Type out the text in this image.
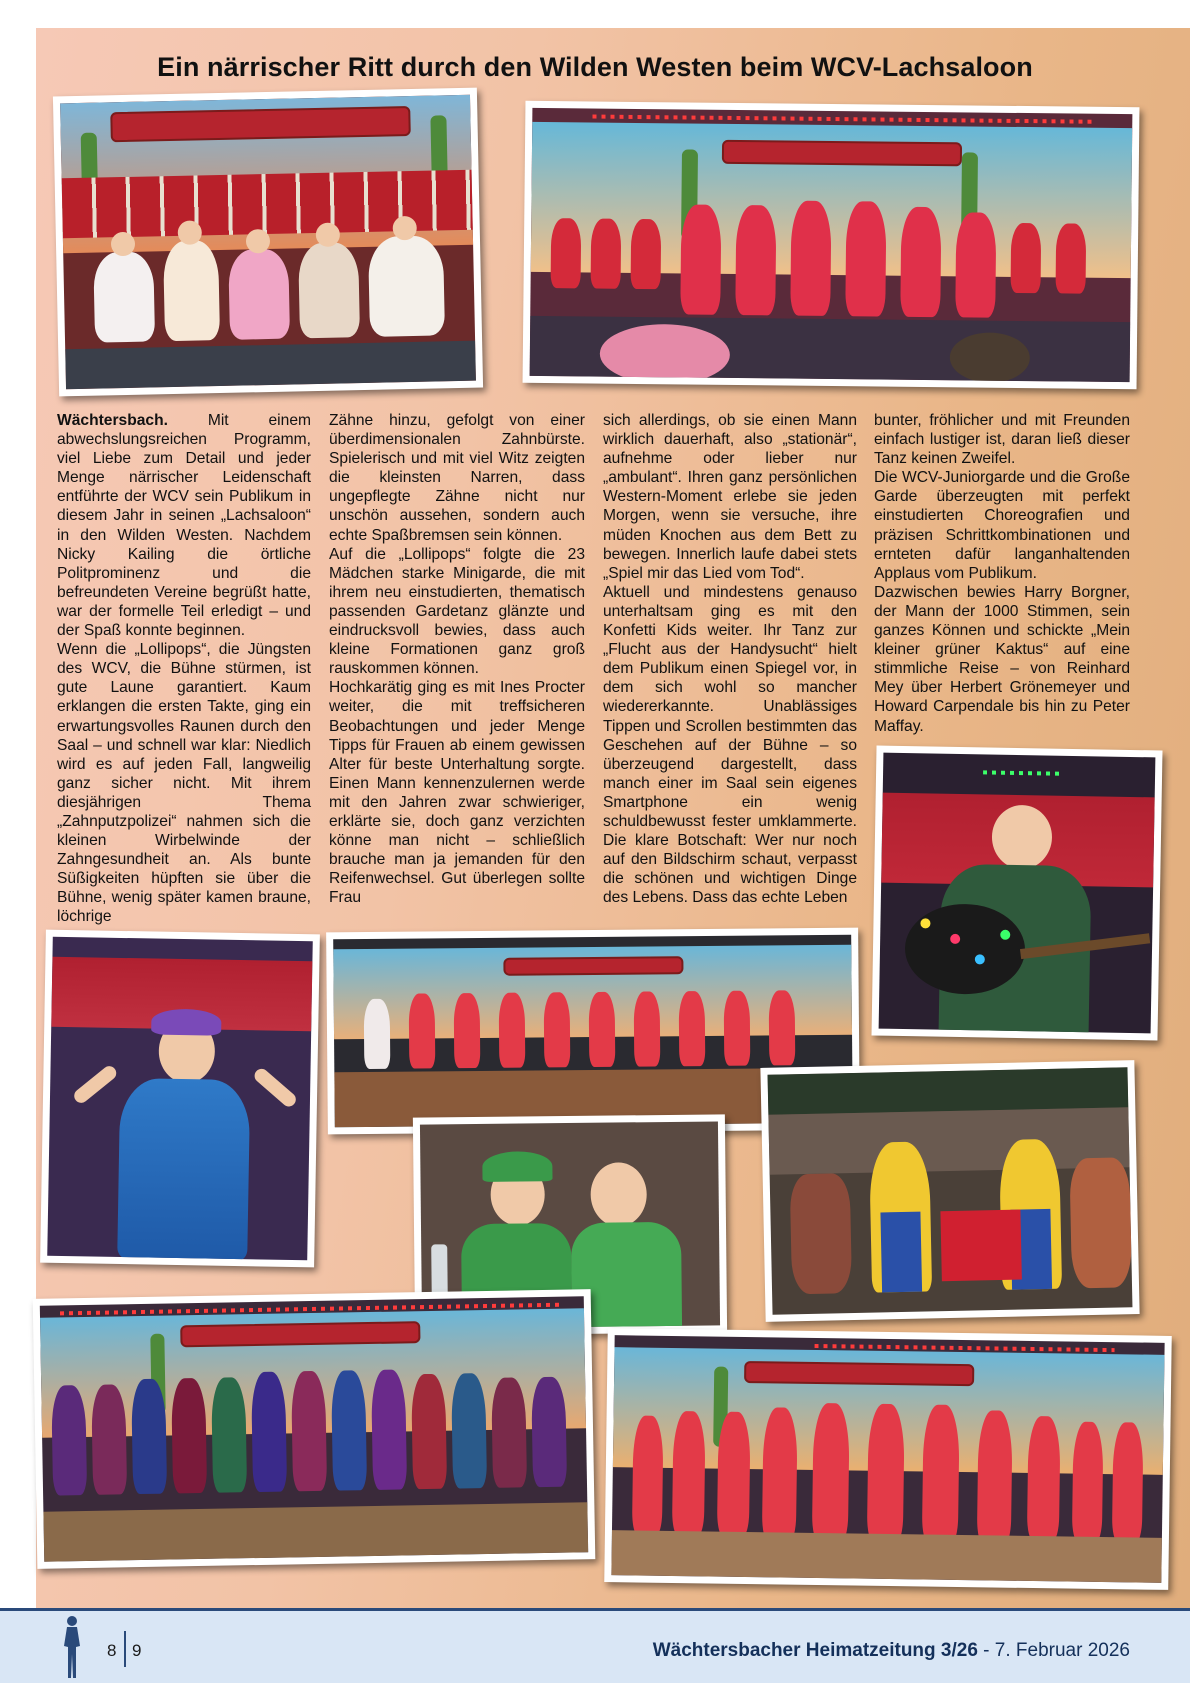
Ein närrischer Ritt durch den Wilden Westen beim WCV-Lachsaloon

Wächtersbach. Mit einem abwechslungsreichen Programm, viel Liebe zum Detail und jeder Menge närrischer Leidenschaft entführte der WCV sein Publikum in diesem Jahr in seinen „Lachsaloon“ in den Wilden Westen. Nachdem Nicky Kailing die örtliche Politprominenz und die befreundeten Vereine begrüßt hatte, war der formelle Teil erledigt – und der Spaß konnte beginnen.

Wenn die „Lollipops“, die Jüngsten des WCV, die Bühne stürmen, ist gute Laune garantiert. Kaum erklangen die ersten Takte, ging ein erwartungsvolles Raunen durch den Saal – und schnell war klar: Niedlich wird es auf jeden Fall, langweilig ganz sicher nicht. Mit ihrem diesjährigen Thema „Zahnputzpolizei“ nahmen sich die kleinen Wirbelwinde der Zahngesundheit an. Als bunte Süßigkeiten hüpften sie über die Bühne, wenig später kamen braune, löchrige

Zähne hinzu, gefolgt von einer überdimensionalen Zahnbürste. Spielerisch und mit viel Witz zeigten die kleinsten Narren, dass ungepflegte Zähne nicht nur unschön aussehen, sondern auch echte Spaßbremsen sein können.

Auf die „Lollipops“ folgte die 23 Mädchen starke Minigarde, die mit ihrem neu einstudierten, thematisch passenden Gardetanz glänzte und eindrucksvoll bewies, dass auch kleine Formationen ganz groß rauskommen können.

Hochkarätig ging es mit Ines Procter weiter, die mit treffsicheren Beobachtungen und jeder Menge Tipps für Frauen ab einem gewissen Alter für beste Unterhaltung sorgte. Einen Mann kennenzulernen werde mit den Jahren zwar schwieriger, erklärte sie, doch ganz verzichten könne man nicht – schließlich brauche man ja jemanden für den Reifenwechsel. Gut überlegen sollte Frau

sich allerdings, ob sie einen Mann wirklich dauerhaft, also „stationär“, aufnehme oder lieber nur „ambulant“. Ihren ganz persönlichen Western-Moment erlebe sie jeden Morgen, wenn sie versuche, ihre müden Knochen aus dem Bett zu bewegen. Innerlich laufe dabei stets „Spiel mir das Lied vom Tod“.

Aktuell und mindestens genauso unterhaltsam ging es mit den Konfetti Kids weiter. Ihr Tanz zur „Flucht aus der Handysucht“ hielt dem Publikum einen Spiegel vor, in dem sich wohl so mancher wiedererkannte. Unablässiges Tippen und Scrollen bestimmten das Geschehen auf der Bühne – so überzeugend dargestellt, dass manch einer im Saal sein eigenes Smartphone ein wenig schuldbewusst fester umklammerte. Die klare Botschaft: Wer nur noch auf den Bildschirm schaut, verpasst die schönen und wichtigen Dinge des Lebens. Dass das echte Leben

bunter, fröhlicher und mit Freunden einfach lustiger ist, daran ließ dieser Tanz keinen Zweifel.

Die WCV-Juniorgarde und die Große Garde überzeugten mit perfekt einstudierten Choreografien und präzisen Schrittkombinationen und ernteten dafür langanhaltenden Applaus vom Publikum.

Dazwischen bewies Harry Borgner, der Mann der 1000 Stimmen, sein ganzes Können und schickte „Mein kleiner grüner Kaktus“ auf eine stimmliche Reise – von Reinhard Mey über Herbert Grönemeyer und Howard Carpendale bis hin zu Peter Maffay.

8 9	Wächtersbacher Heimatzeitung 3/26 - 7. Februar 2026
